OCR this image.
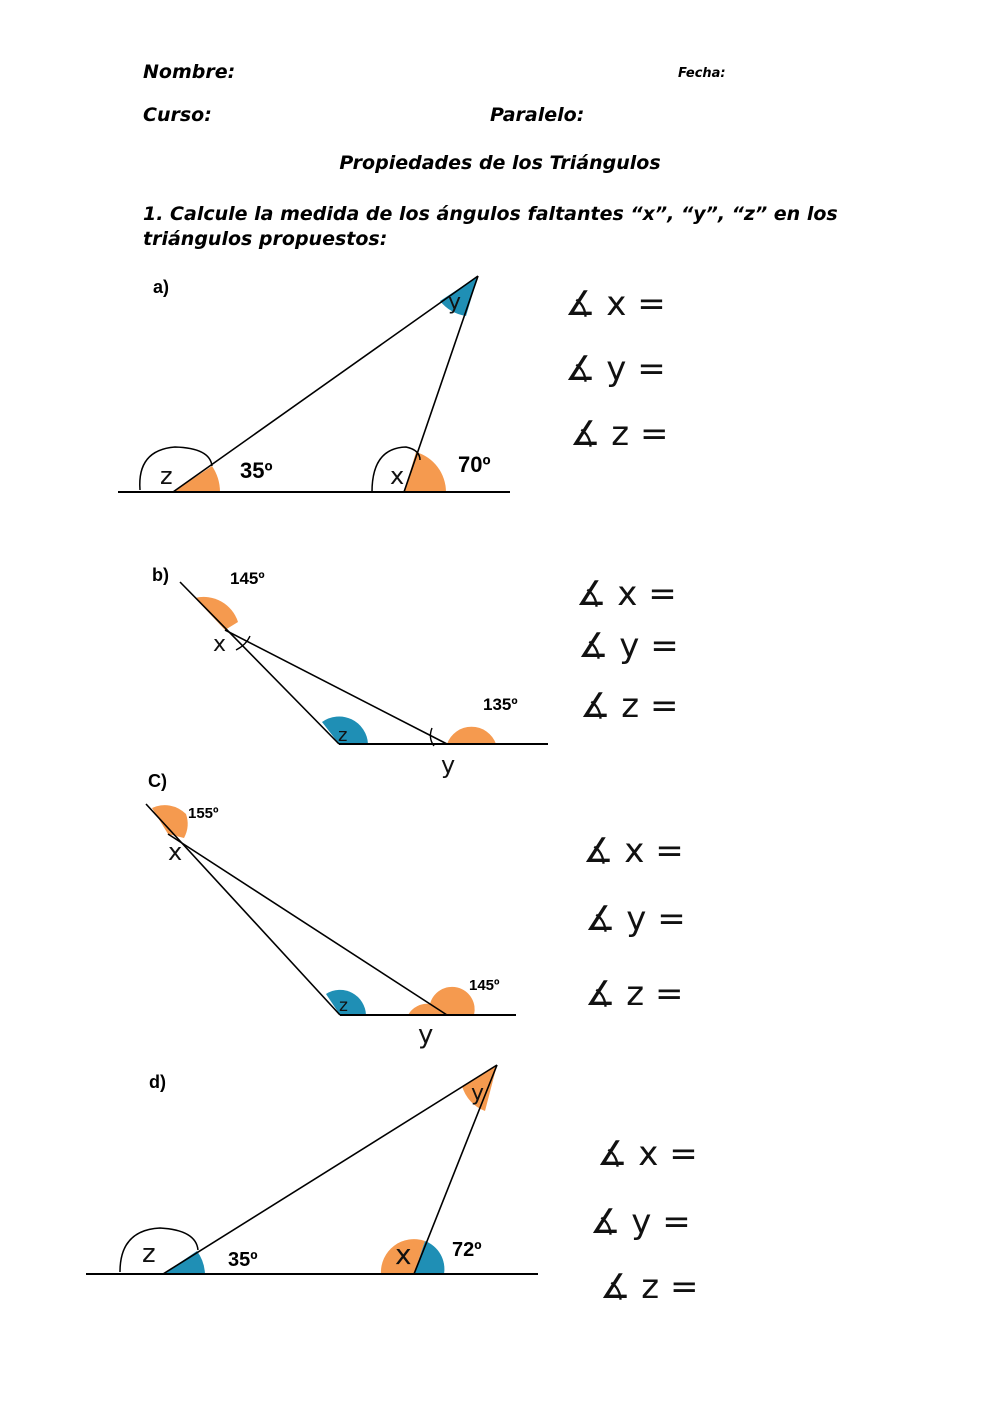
Nombre:	Fecha:
Curso:	Paralelo:
Propiedades de los Triángulos
1. Calcule la medida de los ángulos faltantes “x”, “y”, “z” en los triángulos propuestos:
a)
35º	70º
z	x
y	∡ x =
∡ y =
∡ z =
b)	145º
135º
x
z
y
∡ x =
∡ y =
∡ z =
C)
155º
145º
x
z
y
∡ x =
∡ y =
∡ z =
d)
35º	72º
z	x
y
∡ x =
∡ y =
∡ z =
